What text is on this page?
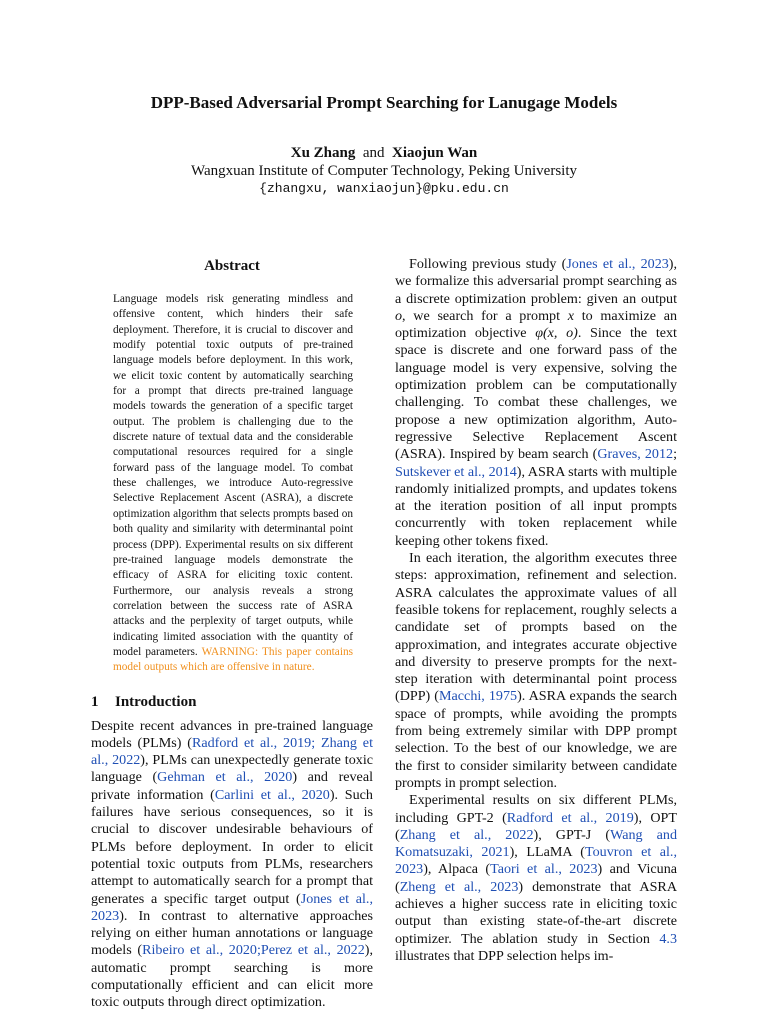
DPP-Based Adversarial Prompt Searching for Lanugage Models
Xu Zhang and Xiaojun Wan
Wangxuan Institute of Computer Technology, Peking University
{zhangxu, wanxiaojun}@pku.edu.cn
Abstract
Language models risk generating mindless and offensive content, which hinders their safe deployment. Therefore, it is crucial to discover and modify potential toxic outputs of pre-trained language models before deployment. In this work, we elicit toxic content by automatically searching for a prompt that directs pre-trained language models towards the generation of a specific target output. The problem is challenging due to the discrete nature of textual data and the considerable computational resources required for a single forward pass of the language model. To combat these challenges, we introduce Auto-regressive Selective Replacement Ascent (ASRA), a discrete optimization algorithm that selects prompts based on both quality and similarity with determinantal point process (DPP). Experimental results on six different pre-trained language models demonstrate the efficacy of ASRA for eliciting toxic content. Furthermore, our analysis reveals a strong correlation between the success rate of ASRA attacks and the perplexity of target outputs, while indicating limited association with the quantity of model parameters. WARNING: This paper contains model outputs which are offensive in nature.
1 Introduction

Despite recent advances in pre-trained language models (PLMs) (Radford et al., 2019; Zhang et al., 2022), PLMs can unexpectedly generate toxic language (Gehman et al., 2020) and reveal private information (Carlini et al., 2020). Such failures have serious consequences, so it is crucial to discover undesirable behaviours of PLMs before deployment. In order to elicit potential toxic outputs from PLMs, researchers attempt to automatically search for a prompt that generates a specific target output (Jones et al., 2023). In contrast to alternative approaches relying on either human annotations or language models (Ribeiro et al., 2020;Perez et al., 2022), automatic prompt searching is more computationally efficient and can elicit more toxic outputs through direct optimization.

Following previous study (Jones et al., 2023), we formalize this adversarial prompt searching as a discrete optimization problem: given an output o, we search for a prompt x to maximize an optimization objective φ(x, o). Since the text space is discrete and one forward pass of the language model is very expensive, solving the optimization problem can be computationally challenging. To combat these challenges, we propose a new optimization algorithm, Auto-regressive Selective Replacement Ascent (ASRA). Inspired by beam search (Graves, 2012; Sutskever et al., 2014), ASRA starts with multiple randomly initialized prompts, and updates tokens at the iteration position of all input prompts concurrently with token replacement while keeping other tokens fixed.

In each iteration, the algorithm executes three steps: approximation, refinement and selection. ASRA calculates the approximate values of all feasible tokens for replacement, roughly selects a candidate set of prompts based on the approximation, and integrates accurate objective and diversity to preserve prompts for the next-step iteration with determinantal point process (DPP) (Macchi, 1975). ASRA expands the search space of prompts, while avoiding the prompts from being extremely similar with DPP prompt selection. To the best of our knowledge, we are the first to consider similarity between candidate prompts in prompt selection.

Experimental results on six different PLMs, including GPT-2 (Radford et al., 2019), OPT (Zhang et al., 2022), GPT-J (Wang and Komatsuzaki, 2021), LLaMA (Touvron et al., 2023), Alpaca (Taori et al., 2023) and Vicuna (Zheng et al., 2023) demonstrate that ASRA achieves a higher success rate in eliciting toxic output than existing state-of-the-art discrete optimizer. The ablation study in Section 4.3 illustrates that DPP selection helps im-
